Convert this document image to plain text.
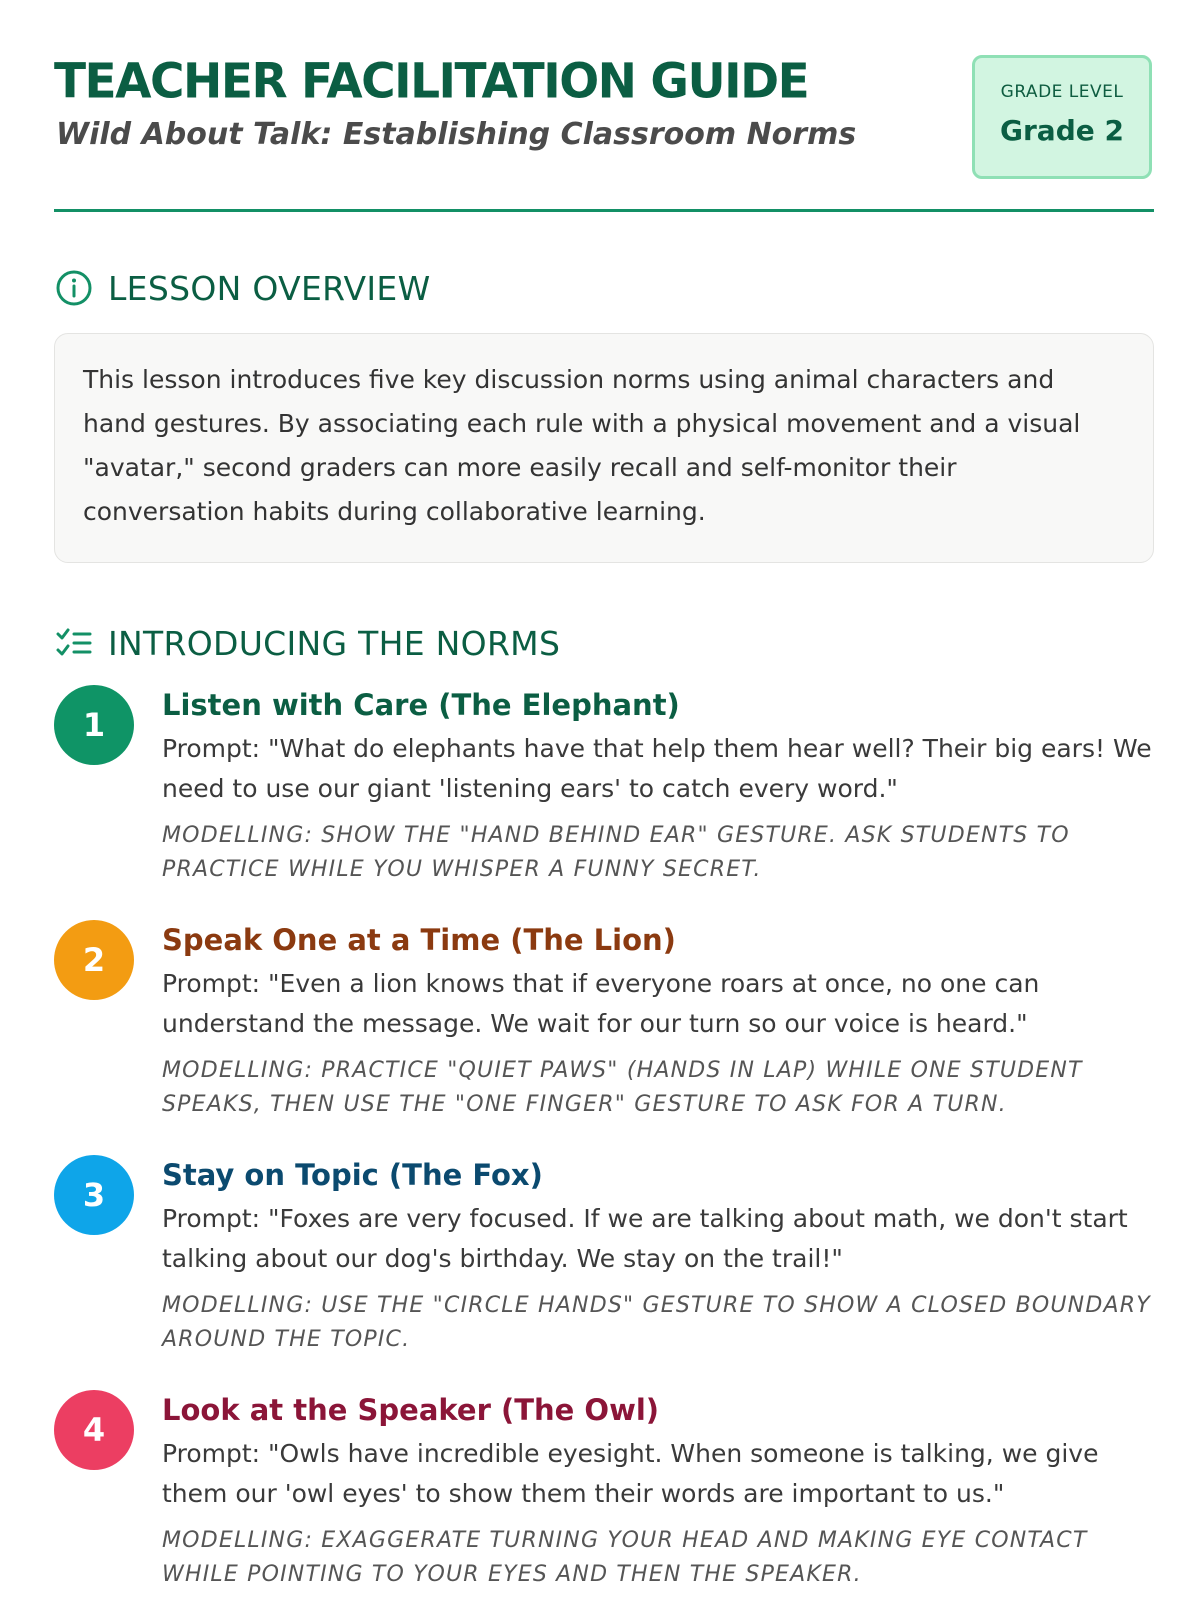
TEACHER FACILITATION GUIDE
Wild About Talk: Establishing Classroom Norms
GRADE LEVEL
Grade 2
LESSON OVERVIEW

This lesson introduces five key discussion norms using animal characters and hand gestures. By associating each rule with a physical movement and a visual "avatar," second graders can more easily recall and self-monitor their conversation habits during collaborative learning.

INTRODUCING THE NORMS
1

Listen with Care (The Elephant)

Prompt: "What do elephants have that help them hear well? Their big ears! We need to use our giant 'listening ears' to catch every word."

MODELLING: SHOW THE "HAND BEHIND EAR" GESTURE. ASK STUDENTS TO PRACTICE WHILE YOU WHISPER A FUNNY SECRET.

2

Speak One at a Time (The Lion)

Prompt: "Even a lion knows that if everyone roars at once, no one can understand the message. We wait for our turn so our voice is heard."

MODELLING: PRACTICE "QUIET PAWS" (HANDS IN LAP) WHILE ONE STUDENT SPEAKS, THEN USE THE "ONE FINGER" GESTURE TO ASK FOR A TURN.

3

Stay on Topic (The Fox)

Prompt: "Foxes are very focused. If we are talking about math, we don't start talking about our dog's birthday. We stay on the trail!"

MODELLING: USE THE "CIRCLE HANDS" GESTURE TO SHOW A CLOSED BOUNDARY AROUND THE TOPIC.

4

Look at the Speaker (The Owl)

Prompt: "Owls have incredible eyesight. When someone is talking, we give them our 'owl eyes' to show them their words are important to us."

MODELLING: EXAGGERATE TURNING YOUR HEAD AND MAKING EYE CONTACT WHILE POINTING TO YOUR EYES AND THEN THE SPEAKER.
